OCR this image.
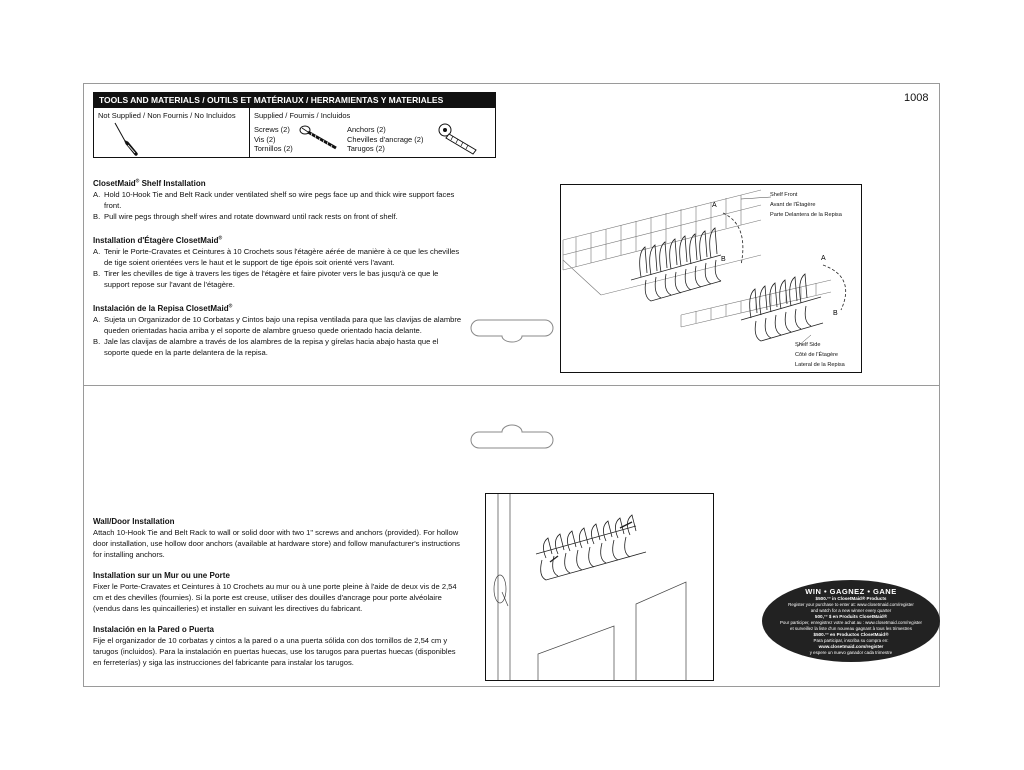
1008
TOOLS AND MATERIALS / OUTILS ET MATÉRIAUX / HERRAMIENTAS Y MATERIALES
Not Supplied / Non Fournis / No Incluidos Supplied / Fournis / Incluidos
Screws (2)
Vis (2)
Tornillos (2)
Anchors (2)
Chevilles d'ancrage (2)
Tarugos (2)
ClosetMaid® Shelf Installation
A. Hold 10-Hook Tie and Belt Rack under ventilated shelf so wire pegs face up and thick wire support faces front.
B. Pull wire pegs through shelf wires and rotate downward until rack rests on front of shelf.
Installation d'Étagère ClosetMaid®
A. Tenir le Porte-Cravates et Ceintures à 10 Crochets sous l'étagère aérée de manière à ce que les chevilles de tige soient orientées vers le haut et le support de tige épois soit orienté vers l'avant.
B. Tirer les chevilles de tige à travers les tiges de l'étagère et faire pivoter vers le bas jusqu'à ce que le support repose sur l'avant de l'étagère.
Instalación de la Repisa ClosetMaid®
A. Sujeta un Organizador de 10 Corbatas y Cintos bajo una repisa ventilada para que las clavijas de alambre queden orientadas hacia arriba y el soporte de alambre grueso quede orientado hacia delante.
B. Jale las clavijas de alambre a través de los alambres de la repisa y gírelas hacia abajo hasta que el soporte quede en la parte delantera de la repisa.
A
B	A
B
Shelf Front
Avant de l'Étagère
Parte Delantera de la Repisa
Shelf Side
Côté de l'Étagère
Lateral de la Repisa
Wall/Door Installation
Attach 10-Hook Tie and Belt Rack to wall or solid door with two 1" screws and anchors (provided). For hollow door installation, use hollow door anchors (available at hardware store) and follow manufacturer's instructions for installing anchors.
Installation sur un Mur ou une Porte
Fixer le Porte-Cravates et Ceintures à 10 Crochets au mur ou à une porte pleine à l'aide de deux vis de 2,54 cm et des chevilles (fournies). Si la porte est creuse, utiliser des douilles d'ancrage pour porte alvéolaire (vendus dans les quincailleries) et installer en suivant les directives du fabricant.
Instalación en la Pared o Puerta
Fije el organizador de 10 corbatas y cintos a la pared o a una puerta sólida con dos tornillos de 2,54 cm y tarugos (incluidos). Para la instalación en puertas huecas, use los tarugos para puertas huecas (disponibles en ferreterías) y siga las instrucciones del fabricante para instalar los tarugos.
WIN • GAGNEZ • GANE
$500.°° in ClosetMaid® Products
Register your purchase to enter at: www.closetmaid.com/register
and watch for a new winner every quarter
500,°° $ en Produits ClosetMaid®
Pour participer, enregistrez votre achat au : www.closetmaid.com/register
et surveillez la liste d'un nouveau gagnant à tous les trimestres
$500.°° en Productos ClosetMaid®
Para participar, inscriba su compra en:
www.closetmaid.com/register
y espere un nuevo ganador cada trimestre
